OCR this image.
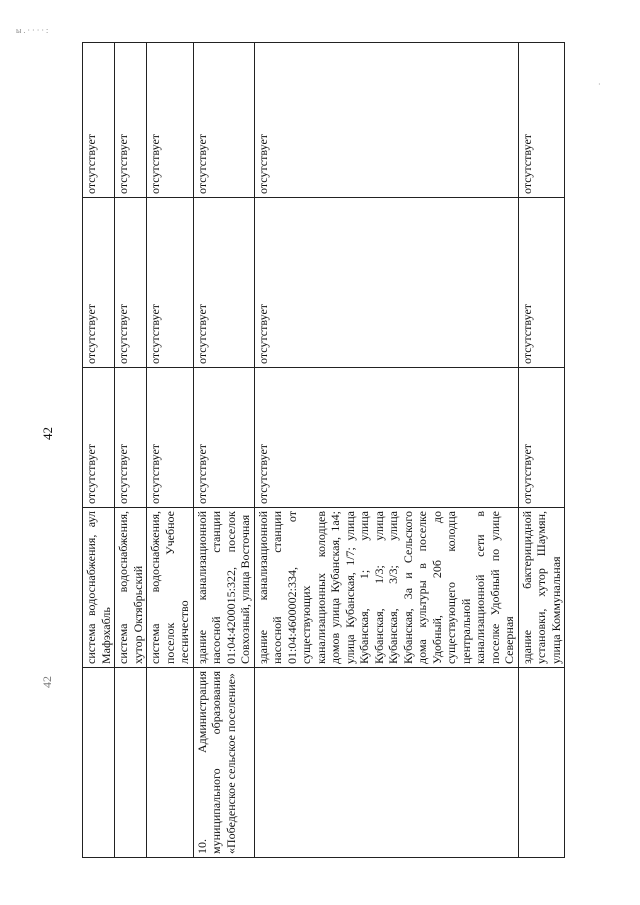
ы . · · · · :
·
42
42
	система водоснабжения, аул Мафэхабль	отсутствует	отсутствует	отсутствует
	система водоснабжения, хутор Октябрьский	отсутствует	отсутствует	отсутствует
	система водоснабжения, поселок Учебное лесничество	отсутствует	отсутствует	отсутствует
10. Администрация муниципального образования «Победенское сельское поселение»	здание канализационной насосной станции 01:04:4200015:322, поселок Совхозный, улица Восточная	отсутствует	отсутствует	отсутствует
	здание канализационной насосной станции 01:04:4600002:334, от существующих канализационных колодцев домов улица Кубанская, 1а4; улица Кубанская, 1/7; улица Кубанская, 1; улица Кубанская, 1/3; улица Кубанская, 3/3; улица Кубанская, 3а и Сельского дома культуры в поселке Удобный, 20б до существующего колодца центральной канализационной сети в поселке Удобный по улице Северная	отсутствует	отсутствует	отсутствует
	здание бактерицидной установки, хутор Шаумян, улица Коммунальная	отсутствует	отсутствует	отсутствует
